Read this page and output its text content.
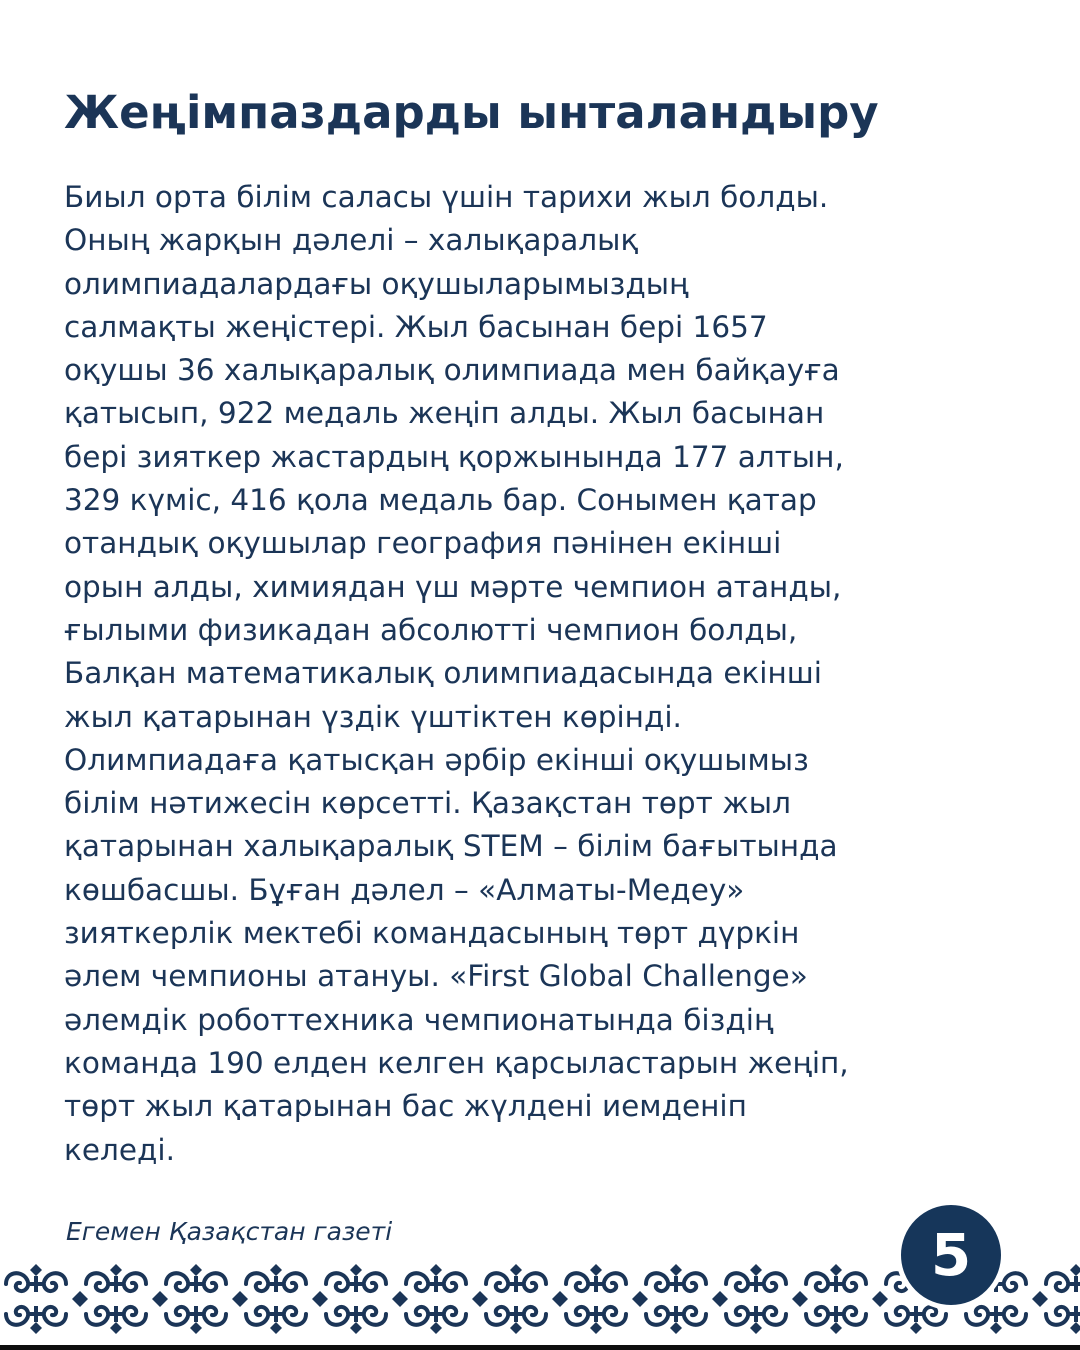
Жеңімпаздарды ынталандыру
Биыл орта білім саласы үшін тарихи жыл болды.
Оның жарқын дәлелі – халықаралық
олимпиадалардағы оқушыларымыздың
салмақты жеңістері. Жыл басынан бері 1657
оқушы 36 халықаралық олимпиада мен байқауға
қатысып, 922 медаль жеңіп алды. Жыл басынан
бері зияткер жастардың қоржынында 177 алтын,
329 күміс, 416 қола медаль бар. Сонымен қатар
отандық оқушылар география пәнінен екінші
орын алды, химиядан үш мәрте чемпион атанды,
ғылыми физикадан абсолютті чемпион болды,
Балқан математикалық олимпиадасында екінші
жыл қатарынан үздік үштіктен көрінді.
Олимпиадаға қатысқан әрбір екінші оқушымыз
білім нәтижесін көрсетті. Қазақстан төрт жыл
қатарынан халықаралық STEM – білім бағытында
көшбасшы. Бұған дәлел – «Алматы-Медеу»
зияткерлік мектебі командасының төрт дүркін
әлем чемпионы атануы. «First Global Challenge»
әлемдік роботтехника чемпионатында біздің
команда 190 елден келген қарсыластарын жеңіп,
төрт жыл қатарынан бас жүлдені иемденіп
келеді.
Егемен Қазақстан газеті	5
